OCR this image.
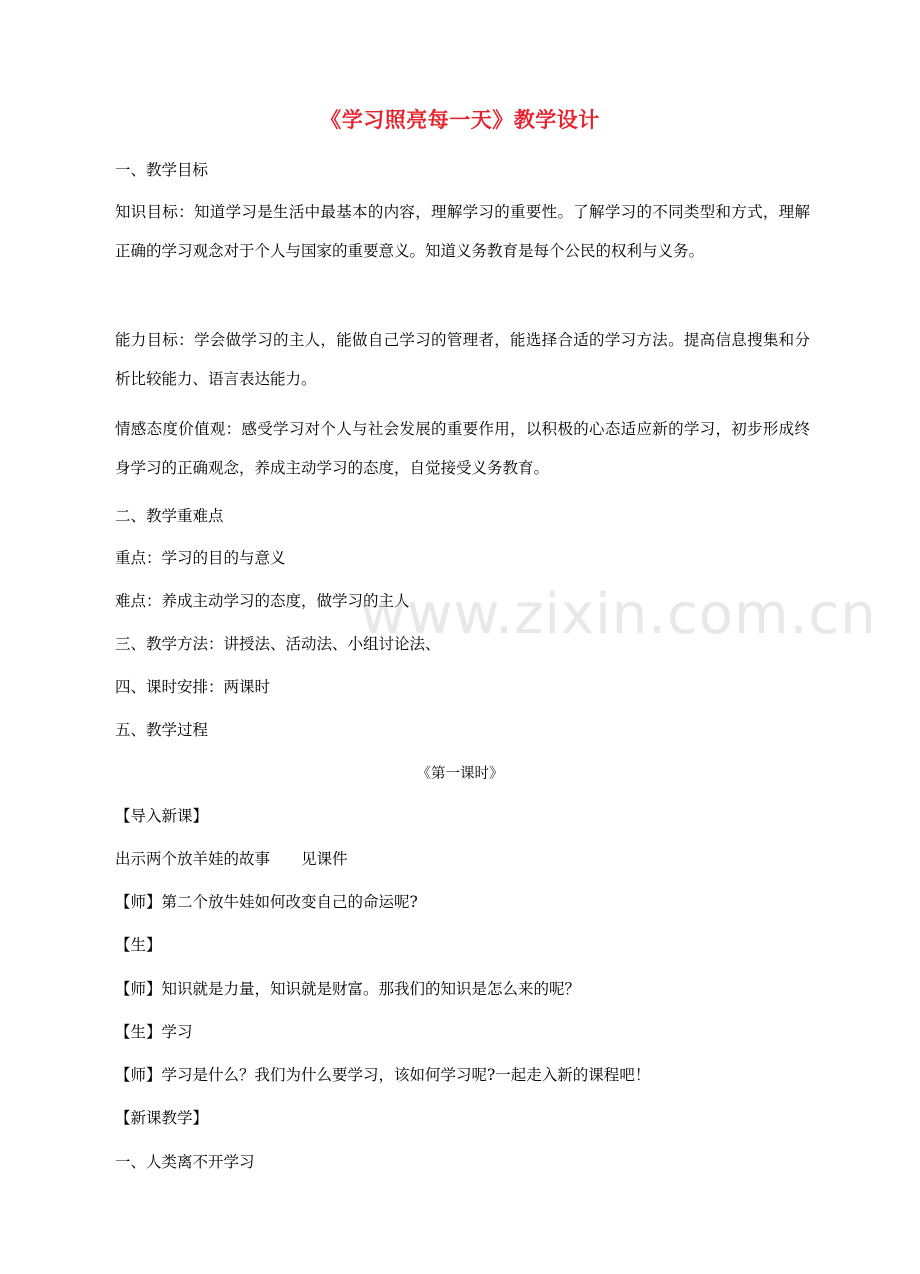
《学习照亮每一天》教学设计
一、教学目标
知识目标：知道学习是生活中最基本的内容，理解学习的重要性。了解学习的不同类型和方式，理解正确的学习观念对于个人与国家的重要意义。知道义务教育是每个公民的权利与义务。
能力目标：学会做学习的主人，能做自己学习的管理者，能选择合适的学习方法。提高信息搜集和分析比较能力、语言表达能力。
情感态度价值观：感受学习对个人与社会发展的重要作用，以积极的心态适应新的学习，初步形成终身学习的正确观念，养成主动学习的态度，自觉接受义务教育。
二、教学重难点
重点：学习的目的与意义
难点：养成主动学习的态度，做学习的主人
三、教学方法：讲授法、活动法、小组讨论法、
四、课时安排：两课时
五、教学过程
《第一课时》
【导入新课】
出示两个放羊娃的故事　　见课件
【师】第二个放牛娃如何改变自己的命运呢?
【生】
【师】知识就是力量，知识就是财富。那我们的知识是怎么来的呢？
【生】学习
【师】学习是什么？我们为什么要学习，该如何学习呢?一起走入新的课程吧！
【新课教学】
一、人类离不开学习
www.zixin.com.cn
